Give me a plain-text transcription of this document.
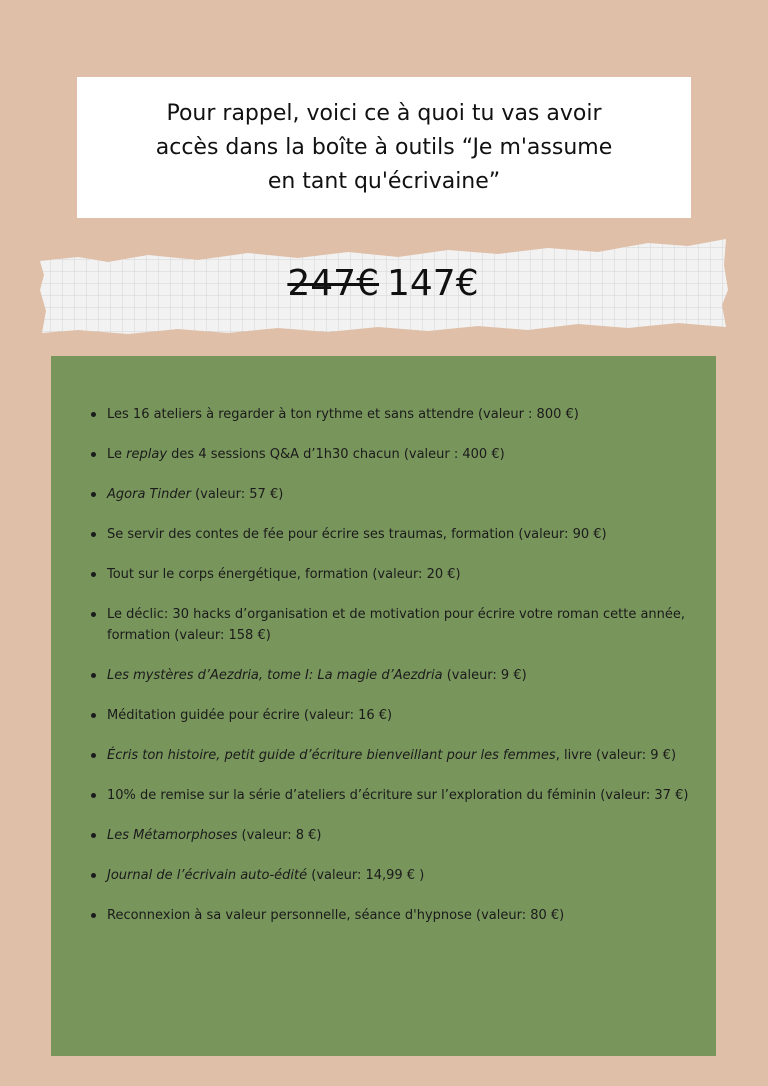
Pour rappel, voici ce à quoi tu vas avoir
accès dans la boîte à outils “Je m'assume
en tant qu'écrivaine”
247€ 147€
Les 16 ateliers à regarder à ton rythme et sans attendre (valeur : 800 €)
Le replay des 4 sessions Q&A d’1h30 chacun (valeur : 400 €)
Agora Tinder (valeur: 57 €)
Se servir des contes de fée pour écrire ses traumas, formation (valeur: 90 €)
Tout sur le corps énergétique, formation (valeur: 20 €)
Le déclic: 30 hacks d’organisation et de motivation pour écrire votre roman cette année, formation (valeur: 158 €)
Les mystères d’Aezdria, tome I: La magie d’Aezdria (valeur: 9 €)
Méditation guidée pour écrire (valeur: 16 €)
Écris ton histoire, petit guide d’écriture bienveillant pour les femmes, livre (valeur: 9 €)
10% de remise sur la série d’ateliers d’écriture sur l’exploration du féminin (valeur: 37 €)
Les Métamorphoses (valeur: 8 €)
Journal de l’écrivain auto-édité (valeur: 14,99 € )
Reconnexion à sa valeur personnelle, séance d'hypnose (valeur: 80 €)
